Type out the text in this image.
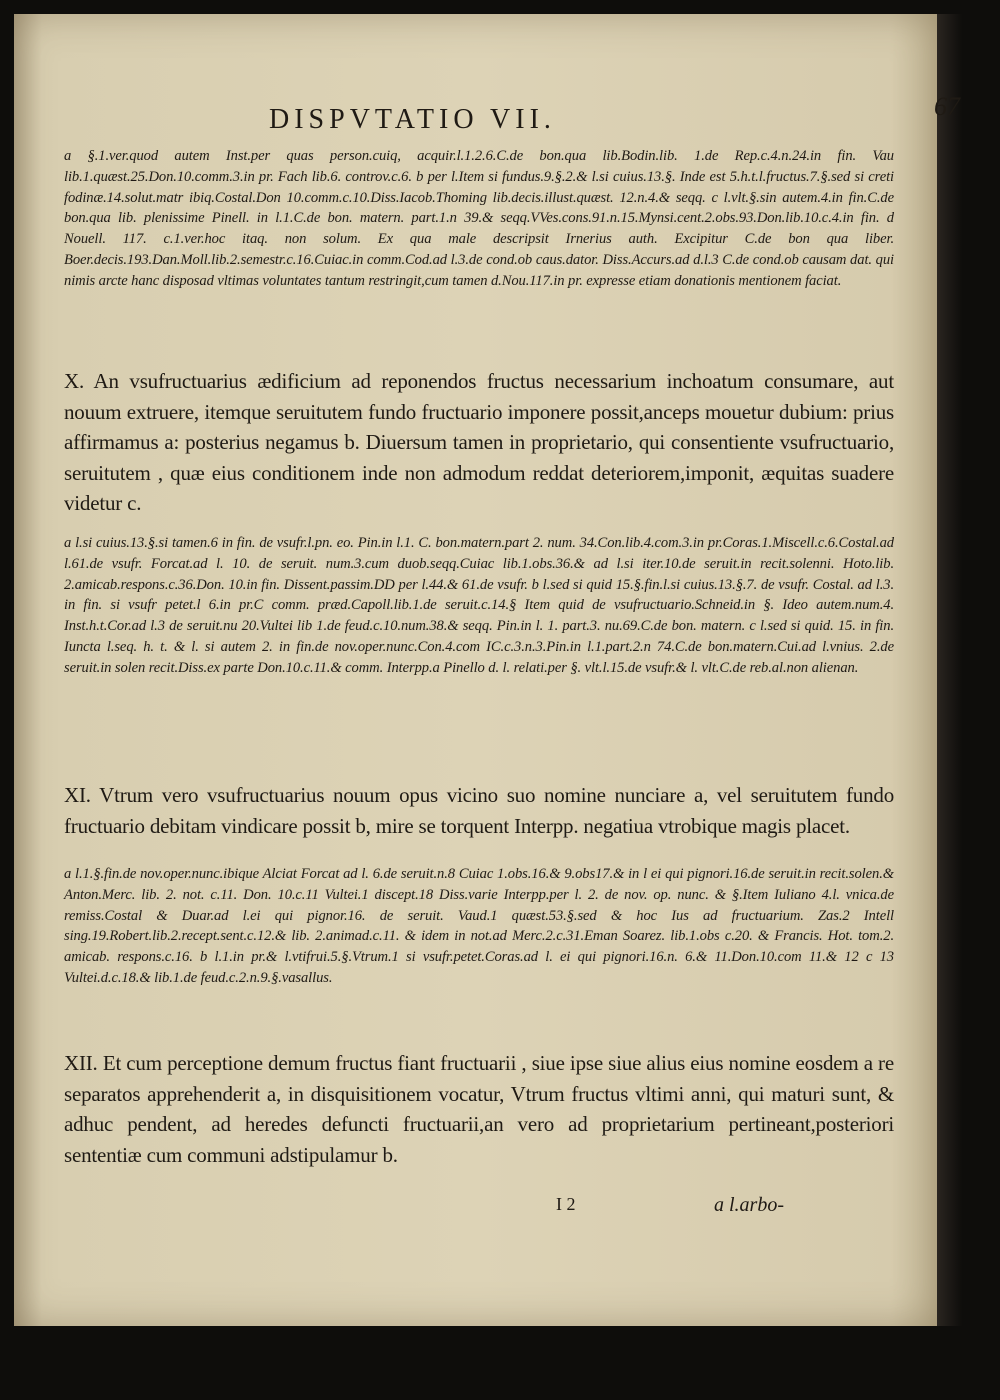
DISPVTATIO VII.
a §.1.ver.quod autem Inst.per quas person.cuiq, acquir.l.1.2.6.C.de bon.qua lib.Bodin.lib. 1.de Rep.c.4.n.24.in fin. Vau lib.1.quæst.25.Don.10.comm.3.in pr. Fach lib.6. controv.c.6. b per l.Item si fundus.9.§.2.& l.si cuius.13.§. Inde est 5.h.t.l.fructus.7.§.sed si creti fodinæ.14.solut.matr ibiq.Costal.Don 10.comm.c.10.Diss.Iacob.Thoming lib.decis.illust.quæst. 12.n.4.& seqq. c l.vlt.§.sin autem.4.in fin.C.de bon.qua lib. plenissime Pinell. in l.1.C.de bon. matern. part.1.n 39.& seqq.VVes.cons.91.n.15.Mynsi.cent.2.obs.93.Don.lib.10.c.4.in fin. d Nouell. 117. c.1.ver.hoc itaq. non solum. Ex qua male descripsit Irnerius auth. Excipitur C.de bon qua liber. Boer.decis.193.Dan.Moll.lib.2.semestr.c.16.Cuiac.in comm.Cod.ad l.3.de cond.ob caus.dator. Diss.Accurs.ad d.l.3 C.de cond.ob causam dat. qui nimis arcte hanc disposad vltimas voluntates tantum restringit,cum tamen d.Nou.117.in pr. expresse etiam donationis mentionem faciat.
X. An vsufructuarius ædificium ad reponendos fructus necessarium inchoatum consumare, aut nouum extruere, itemque seruitutem fundo fructuario imponere possit,anceps mouetur dubium: prius affirmamus a: posterius negamus b. Diuersum tamen in proprietario, qui consentiente vsufructuario, seruitutem , quæ eius conditionem inde non admodum reddat deteriorem,imponit, æquitas suadere videtur c.
a l.si cuius.13.§.si tamen.6 in fin. de vsufr.l.pn. eo. Pin.in l.1. C. bon.matern.part 2. num. 34.Con.lib.4.com.3.in pr.Coras.1.Miscell.c.6.Costal.ad l.61.de vsufr. Forcat.ad l. 10. de seruit. num.3.cum duob.seqq.Cuiac lib.1.obs.36.& ad l.si iter.10.de seruit.in recit.solenni. Hoto.lib. 2.amicab.respons.c.36.Don. 10.in fin. Dissent.passim.DD per l.44.& 61.de vsufr. b l.sed si quid 15.§.fin.l.si cuius.13.§.7. de vsufr. Costal. ad l.3. in fin. si vsufr petet.l 6.in pr.C comm. præd.Capoll.lib.1.de seruit.c.14.§ Item quid de vsufructuario.Schneid.in §. Ideo autem.num.4. Inst.h.t.Cor.ad l.3 de seruit.nu 20.Vultei lib 1.de feud.c.10.num.38.& seqq. Pin.in l. 1. part.3. nu.69.C.de bon. matern. c l.sed si quid. 15. in fin. Iuncta l.seq. h. t. & l. si autem 2. in fin.de nov.oper.nunc.Con.4.com IC.c.3.n.3.Pin.in l.1.part.2.n 74.C.de bon.matern.Cui.ad l.vnius. 2.de seruit.in solen recit.Diss.ex parte Don.10.c.11.& comm. Interpp.a Pinello d. l. relati.per §. vlt.l.15.de vsufr.& l. vlt.C.de reb.al.non alienan.
XI. Vtrum vero vsufructuarius nouum opus vicino suo nomine nunciare a, vel seruitutem fundo fructuario debitam vindicare possit b, mire se torquent Interpp. negatiua vtrobique magis placet.
a l.1.§.fin.de nov.oper.nunc.ibique Alciat Forcat ad l. 6.de seruit.n.8 Cuiac 1.obs.16.& 9.obs17.& in l ei qui pignori.16.de seruit.in recit.solen.& Anton.Merc. lib. 2. not. c.11. Don. 10.c.11 Vultei.1 discept.18 Diss.varie Interpp.per l. 2. de nov. op. nunc. & §.Item Iuliano 4.l. vnica.de remiss.Costal & Duar.ad l.ei qui pignor.16. de seruit. Vaud.1 quæst.53.§.sed & hoc Ius ad fructuarium. Zas.2 Intell sing.19.Robert.lib.2.recept.sent.c.12.& lib. 2.animad.c.11. & idem in not.ad Merc.2.c.31.Eman Soarez. lib.1.obs c.20. & Francis. Hot. tom.2. amicab. respons.c.16. b l.1.in pr.& l.vtifrui.5.§.Vtrum.1 si vsufr.petet.Coras.ad l. ei qui pignori.16.n. 6.& 11.Don.10.com 11.& 12 c 13 Vultei.d.c.18.& lib.1.de feud.c.2.n.9.§.vasallus.
XII. Et cum perceptione demum fructus fiant fructuarii , siue ipse siue alius eius nomine eosdem a re separatos apprehenderit a, in disquisitionem vocatur, Vtrum fructus vltimi anni, qui maturi sunt, & adhuc pendent, ad heredes defuncti fructuarii,an vero ad proprietarium pertineant,posteriori sententiæ cum communi adstipulamur b.
I 2	a l.arbo-
67
